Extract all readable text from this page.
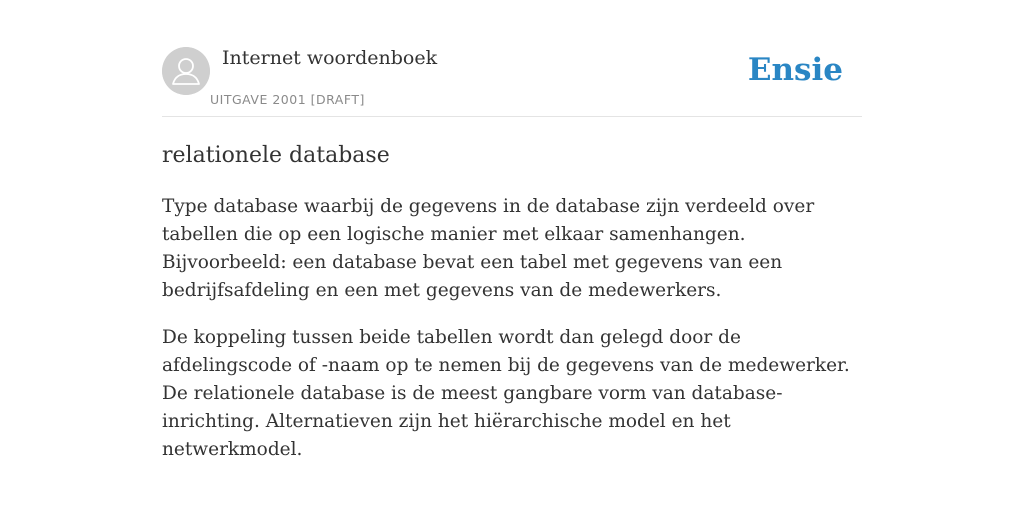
Internet woordenboek
UITGAVE 2001 [DRAFT]
Ensie
relationele database

Type database waarbij de gegevens in de database zijn verdeeld over tabellen die op een logische manier met elkaar samenhangen. Bijvoorbeeld: een database bevat een tabel met gegevens van een bedrijfsafdeling en een met gegevens van de medewerkers.

De koppeling tussen beide tabellen wordt dan gelegd door de afdelingscode of -naam op te nemen bij de gegevens van de medewerker. De relationele database is de meest gangbare vorm van database-inrichting. Alternatieven zijn het hiërarchische model en het netwerkmodel.
